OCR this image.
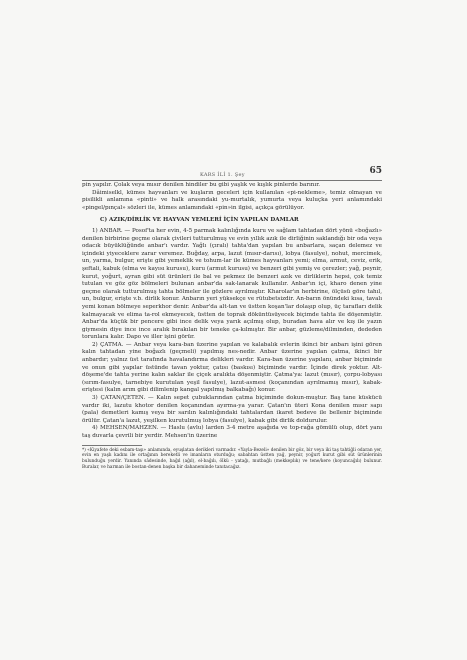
KARS İLİ 1. Şey	65

pin yapılır. Çolak veya mısır denilen hindiler bu gibi yaşlık ve kışlık pinlerde barınır.

Dâimiselkl, kümes hayvanları ve kuşların geceleri için kullanılan «pi-nekleme», temiz olmayan ve pisilikli anlamına «pinti» ve halk arasındaki yu-murtalık, yumurta veya kuluçka yeri anlamındaki «pingel/pınçal» sözleri ile, kümes anlamındaki «pin»in ilgisi, açıkça görülüyor.

C) AZIK/DİRLİK VE HAYVAN YEMLERİ İÇİN YAPILAN DAMLAR

1) ANBAR. — Posof'ta her evin, 4-5 parmak kalınlığında kuru ve sağlam tahtadan dört yönü «boğazlı» denilen birbirine geçme olarak çivileri tutturulmuş ve evin yıllık azık ile dirliğinin saklandığı bir oda veya odacık büyüklüğünde anbar'ı vardır. Yağlı (çıralı) tahta'dan yapılan bu anbarlara, saçan delemez ve içindeki yiyeceklere zarar veremez. Buğday, arpa, lazut (mısır-darısı), lobya (fasulye), nohut, mercimek, un, yarma, bulgur, erişte gibi yemeklik ve tohum-lar ile kümes hayvanları yemi; elma, armut, ceviz, erik, şeftali, kabuk (elma ve kayısı kurusu), kuru (armut kurusu) ve benzeri gibi yemiş ve çerezler; yağ, peynir, kurut, yoğurt, ayran gibi süt ürünleri ile bal ve pekmez ile benzeri azık ve dirliklerin hepsi, çok temiz tutulan ve göz göz bölmeleri bulunan anbar'da sak-lanarak kullanılır. Anbar'ın içi, kharo denen yine geçme olarak tutturulmuş tahta bölmeler ile gözlere ayrılmıştır. Kharolar'ın herbirine, ölçüsü göre tahıl, un, bulgur, erişte v.b. dirlik konur. Anbarın yeri yüksekçe ve rütubetsizdir. An-barın önündeki kısa, tavalı yemi konan bölmeye seperkhor denir. Anbar'da alt-tan ve üstten koşan'lar dolaşıp olup, üç tarafları delik kalmayacak ve elima ta-rol ekmeyecek, üstten de toprak döküntüsüyecek biçimde tahta ile döşenmiştir. Anbar'da küçük bir pencere gibi ince delik veya yarık açılmış olup, buradan hava alır ve kış ile yazın giymesin diye ince ince aralık bırakılan bir teneke ça-kılmıştır. Bir anbar, güzleme/dilminden, dededen torunlara kalır. Dapo ve iller işini görür.

2) ÇATMA. — Anbar veya kara-ban üzerine yapılan ve kalabalık evlerin ikinci bir anbarı işini gören kalın tahtadan yine boğazlı (geçmeli) yapılmış nes-nedir. Anbar üzerine yapılan çatma, ikinci bir anbardır; yalnız üst tarafında havalandırma delikleri vardır. Kara-ban üzerine yapılanı, anbar biçiminde ve onun gibi yapılar üstünde tavan yoktur, çatısı (baskısı) biçiminde vardır. İçinde direk yoktur. Alt-döşeme'de tahta yerine kalın saklar ile çiçek aralıkta döşenmiştir. Çatma'ya: lazut (mısır), çorpu-lobyası (sırım-fasulye, tarnebiye kurutulan yeşil fasulye), lazut-asmesi (koçanından ayrılmamış mısır), kabak-eriştesi (kalın arım gibi dilimlenip kangal yapılmış balkabağı) konur.

3) ÇATAN/ÇETEN. — Kalın sepet çubuklarından çatma biçiminde dokun-muştur. Baş tane küskücü vardır iki, lazutu khotor denilen koçanından ayırma-ya yarar. Çatan'ın üteri Kona denilen mısır sapı (pala) demetleri kamış veya bir sarılın kalınlığındaki tahtalardan ikaret bedeve ile bellenir biçiminde örülür. Çatan'a lazut, yeşilken kurutulmuş lobya (fasulye), kabak gibi dirlik doldurulur.

4) MEHSEN/MAHZEN. — Haslu (avlu) larden 3-4 metre aşağıda ve top-rağa gömülü olup, dört yanı taş duvarla çevrili bir yerdir. Mehsen'in üzerine

*) «Kiyafete deki esbam-taşı» anlamında, eyuşlatan derikleri varmadır. «Yayla-Bezeli» denilen bir göz, bir veya iki taş tahtiğli odaran yer, evin en yaşlı kadını ile ortağının bereketli ve imanların oturduğu; sabahtan üstten yağ, peynir, yoğurt kurut gibi süt ürünlerinin bulunduğu yerdir. Yanında sâdesinde, bağıl (ağıl), el-bağılı, ölkü - yatağı, mutbağlı (mekkeplık) ve tene/kere (koyuncağılı) bulunur. Buralar, ve harman ile bostan-denen başka bir dahaneminde tanıtacağız.
